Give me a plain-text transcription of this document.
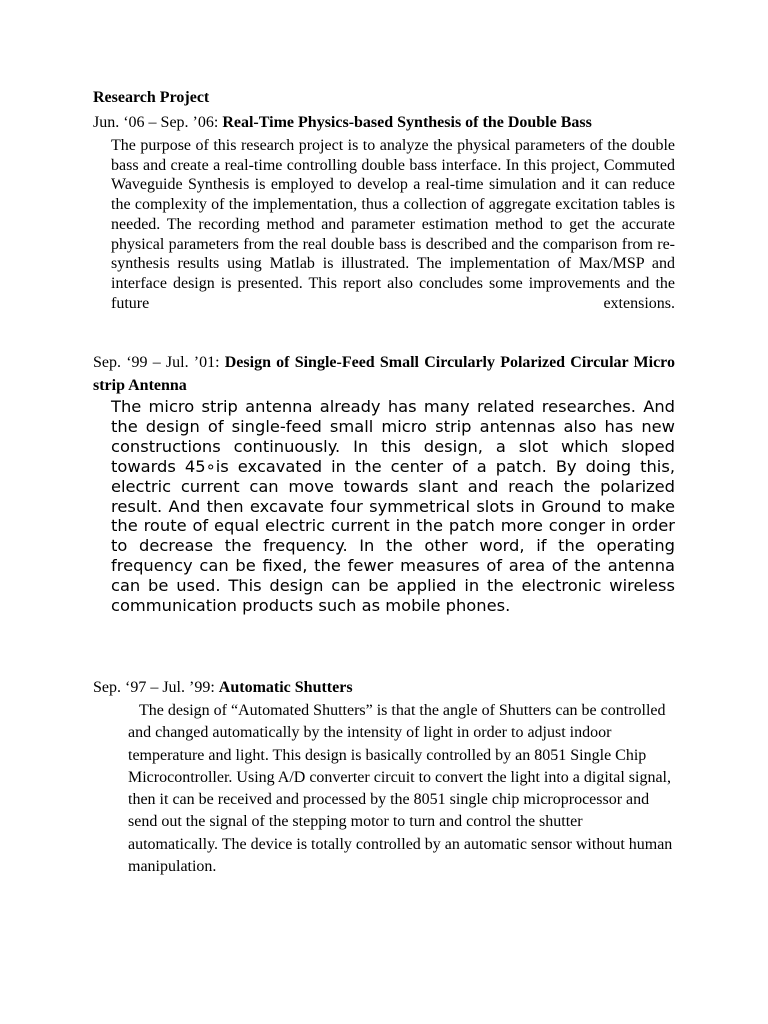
Research Project
Jun. ‘06 – Sep. ’06: Real-Time Physics-based Synthesis of the Double Bass
The purpose of this research project is to analyze the physical parameters of the double bass and create a real-time controlling double bass interface. In this project, Commuted Waveguide Synthesis is employed to develop a real-time simulation and it can reduce the complexity of the implementation, thus a collection of aggregate excitation tables is needed. The recording method and parameter estimation method to get the accurate physical parameters from the real double bass is described and the comparison from re-synthesis results using Matlab is illustrated. The implementation of Max/MSP and interface design is presented. This report also concludes some improvements and the future extensions.
Sep. ‘99 – Jul. ’01: Design of Single-Feed Small Circularly Polarized Circular Micro strip Antenna
The micro strip antenna already has many related researches. And the design of single-feed small micro strip antennas also has new constructions continuously. In this design, a slot which sloped towards 45∘is excavated in the center of a patch. By doing this, electric current can move towards slant and reach the polarized result. And then excavate four symmetrical slots in Ground to make the route of equal electric current in the patch more conger in order to decrease the frequency. In the other word, if the operating frequency can be fixed, the fewer measures of area of the antenna can be used. This design can be applied in the electronic wireless communication products such as mobile phones.
Sep. ‘97 – Jul. ’99: Automatic Shutters
The design of “Automated Shutters” is that the angle of Shutters can be controlled and changed automatically by the intensity of light in order to adjust indoor temperature and light. This design is basically controlled by an 8051 Single Chip Microcontroller. Using A/D converter circuit to convert the light into a digital signal, then it can be received and processed by the 8051 single chip microprocessor and send out the signal of the stepping motor to turn and control the shutter automatically. The device is totally controlled by an automatic sensor without human manipulation.
